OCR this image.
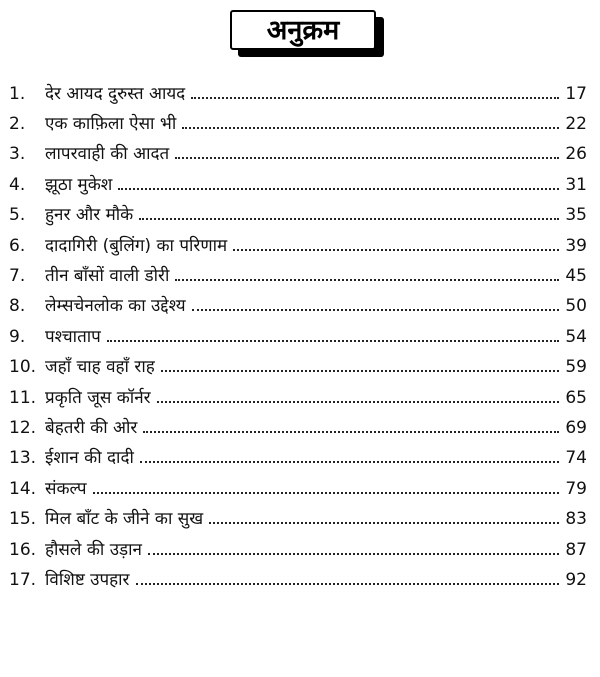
अनुक्रम
1.	देर आयद दुरुस्त आयद	17
2.	एक काफ़िला ऐसा भी	22
3.	लापरवाही की आदत	26
4.	झूठा मुकेश	31
5.	हुनर और मौके	35
6.	दादागिरी (बुलिंग) का परिणाम	39
7.	तीन बाँसों वाली डोरी	45
8.	लेम्सचेनलोक का उद्देश्य	50
9.	पश्चाताप	54
10. जहाँ चाह वहाँ राह	59
11. प्रकृति जूस कॉर्नर	65
12. बेहतरी की ओर	69
13. ईशान की दादी	74
14. संकल्प	79
15. मिल बाँट के जीने का सुख	83
16. हौसले की उड़ान	87
17. विशिष्ट उपहार	92
